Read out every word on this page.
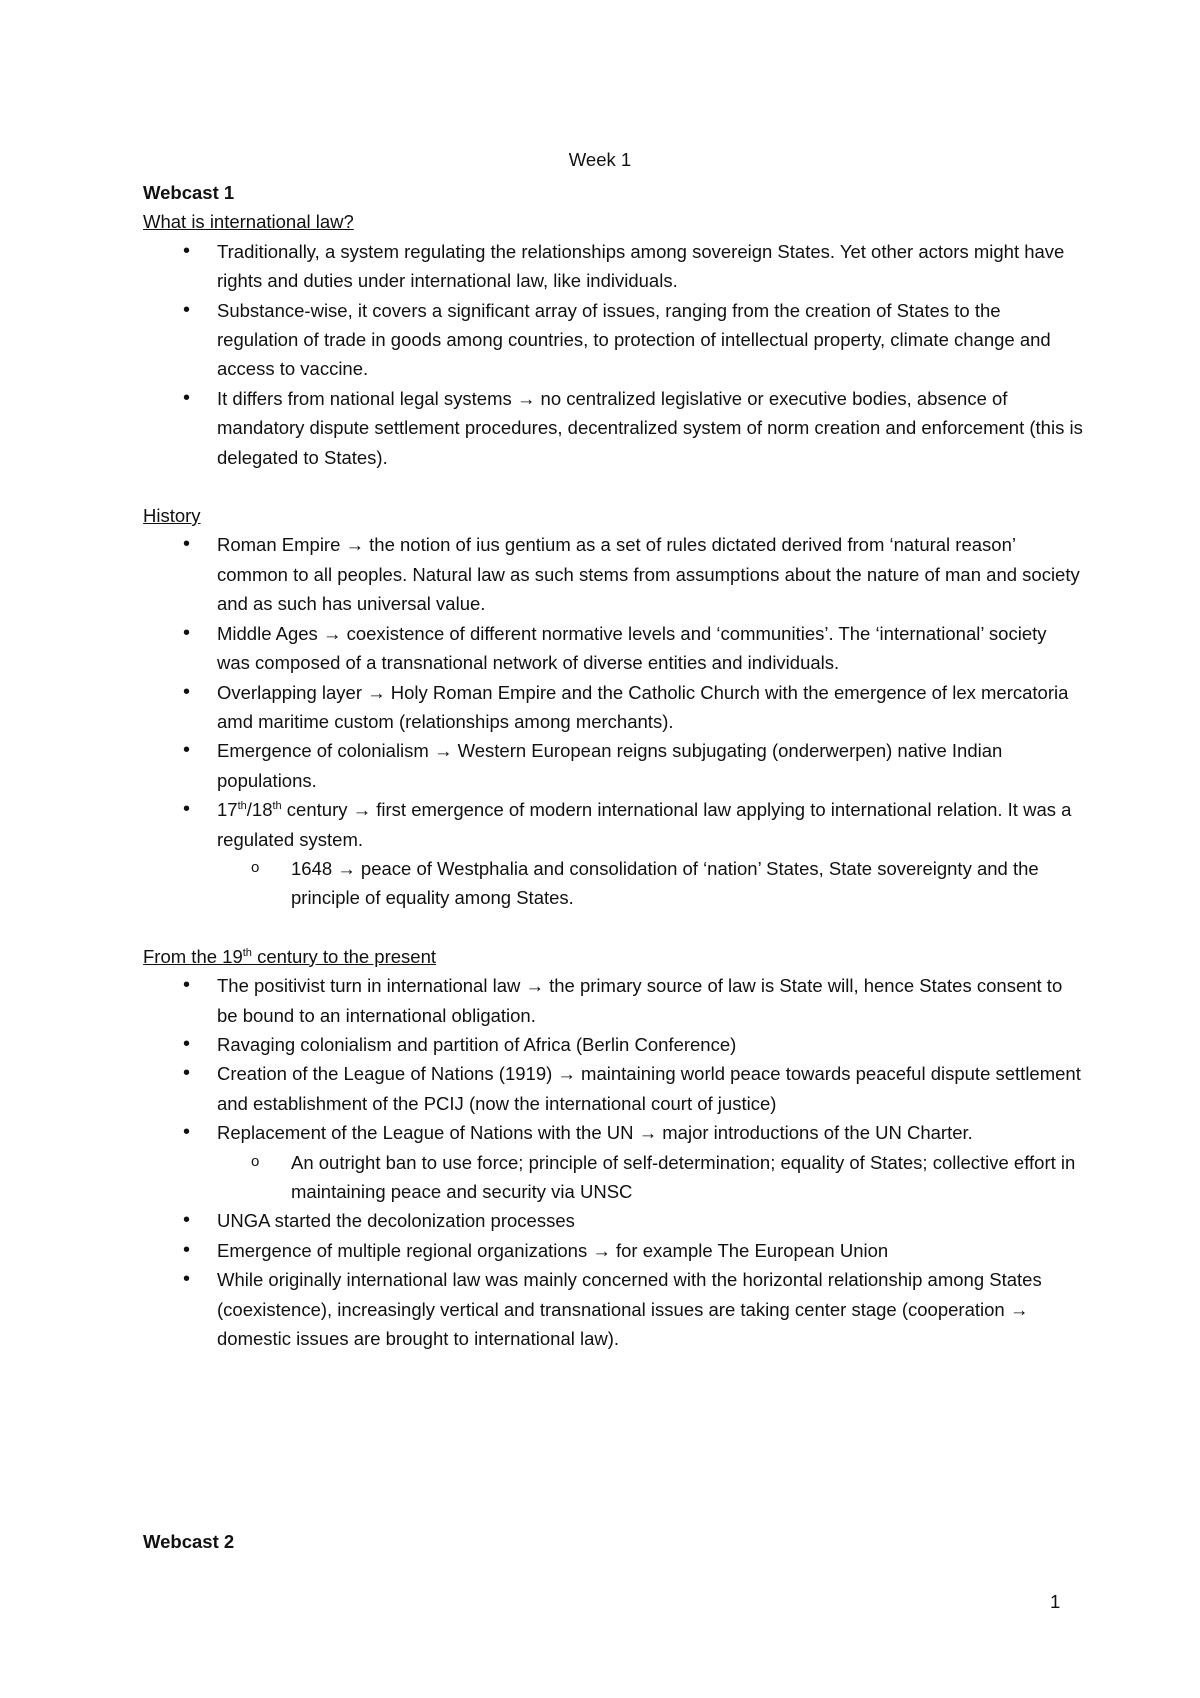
Week 1
Webcast 1
What is international law?
• Traditionally, a system regulating the relationships among sovereign States. Yet other actors might have rights and duties under international law, like individuals.
• Substance-wise, it covers a significant array of issues, ranging from the creation of States to the regulation of trade in goods among countries, to protection of intellectual property, climate change and access to vaccine.
• It differs from national legal systems → no centralized legislative or executive bodies, absence of mandatory dispute settlement procedures, decentralized system of norm creation and enforcement (this is delegated to States).
History
• Roman Empire → the notion of ius gentium as a set of rules dictated derived from ‘natural reason’ common to all peoples. Natural law as such stems from assumptions about the nature of man and society and as such has universal value.
• Middle Ages → coexistence of different normative levels and ‘communities’. The ‘international’ society was composed of a transnational network of diverse entities and individuals.
• Overlapping layer → Holy Roman Empire and the Catholic Church with the emergence of lex mercatoria amd maritime custom (relationships among merchants).
• Emergence of colonialism → Western European reigns subjugating (onderwerpen) native Indian populations.
• 17th/18th century → first emergence of modern international law applying to international relation. It was a regulated system.
o 1648 → peace of Westphalia and consolidation of ‘nation’ States, State sovereignty and the principle of equality among States.
From the 19th century to the present
• The positivist turn in international law → the primary source of law is State will, hence States consent to be bound to an international obligation.
• Ravaging colonialism and partition of Africa (Berlin Conference)
• Creation of the League of Nations (1919) → maintaining world peace towards peaceful dispute settlement and establishment of the PCIJ (now the international court of justice)
• Replacement of the League of Nations with the UN → major introductions of the UN Charter.
o An outright ban to use force; principle of self-determination; equality of States; collective effort in maintaining peace and security via UNSC
• UNGA started the decolonization processes
• Emergence of multiple regional organizations → for example The European Union
• While originally international law was mainly concerned with the horizontal relationship among States (coexistence), increasingly vertical and transnational issues are taking center stage (cooperation → domestic issues are brought to international law).
Webcast 2
1
